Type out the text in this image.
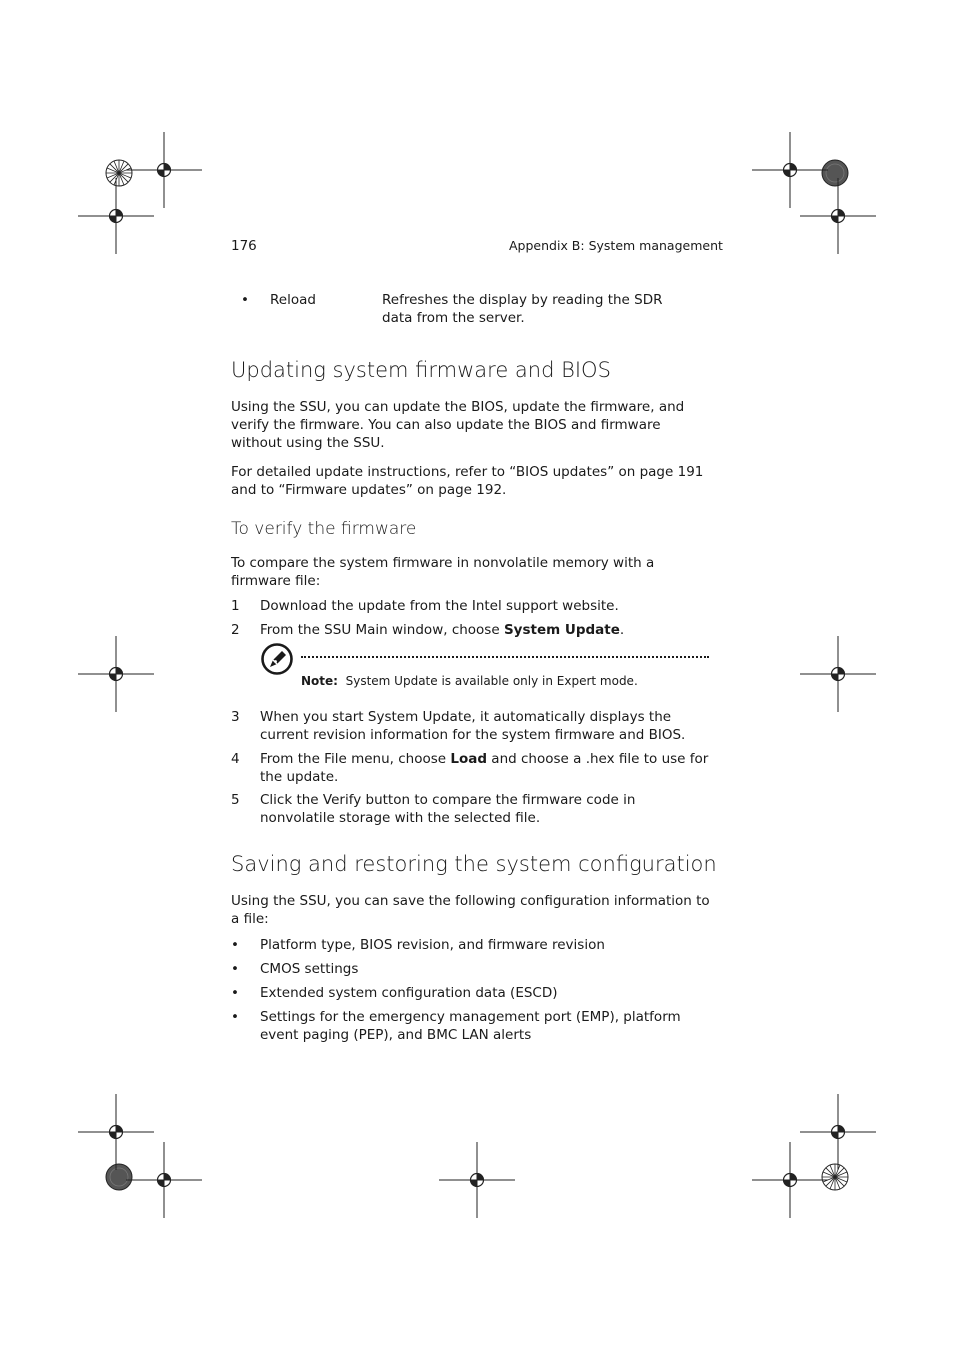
176	Appendix B: System management
• Reload	Refreshes the display by reading the SDR
data from the server.
Updating system firmware and BIOS

Using the SSU, you can update the BIOS, update the firmware, and verify the firmware. You can also update the BIOS and firmware without using the SSU.

For detailed update instructions, refer to “BIOS updates” on page 191 and to “Firmware updates” on page 192.

To verify the firmware

To compare the system firmware in nonvolatile memory with a firmware file:

1 Download the update from the Intel support website.
2 From the SSU Main window, choose System Update.
Note: System Update is available only in Expert mode.
3 When you start System Update, it automatically displays the current revision information for the system firmware and BIOS.
4 From the File menu, choose Load and choose a .hex file to use for the update.
5 Click the Verify button to compare the firmware code in nonvolatile storage with the selected file.
Saving and restoring the system configuration

Using the SSU, you can save the following configuration information to a file:

• Platform type, BIOS revision, and firmware revision
• CMOS settings
• Extended system configuration data (ESCD)
• Settings for the emergency management port (EMP), platform event paging (PEP), and BMC LAN alerts
